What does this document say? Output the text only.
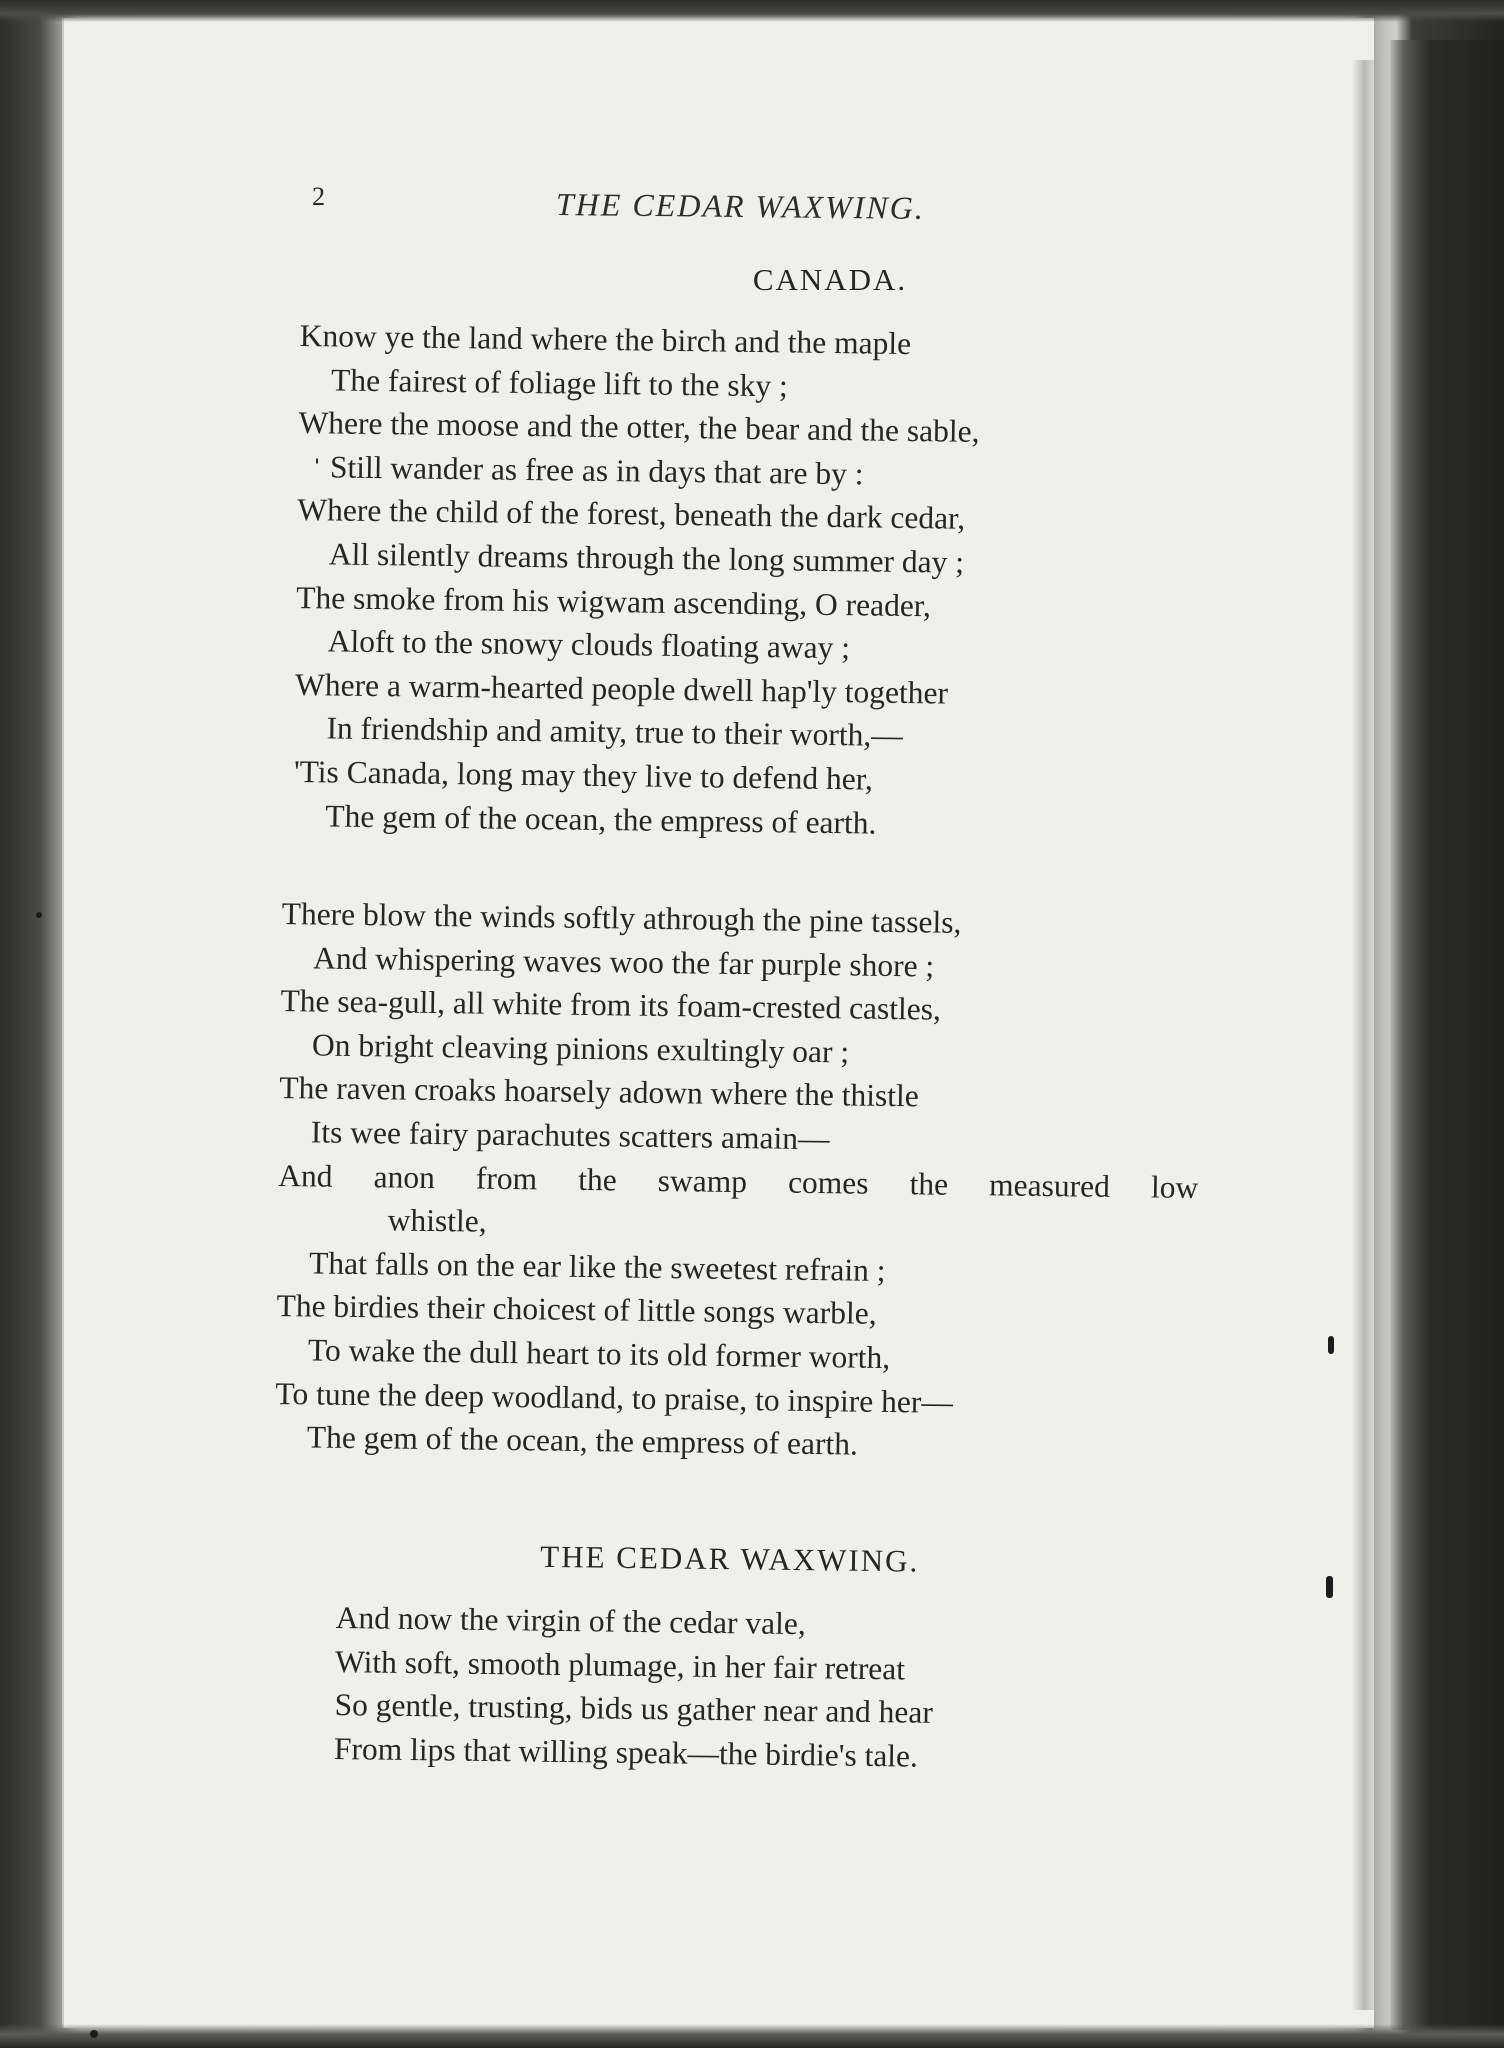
2	THE CEDAR WAXWING.
CANADA.
Know ye the land where the birch and the maple
The fairest of foliage lift to the sky ;
Where the moose and the otter, the bear and the sable,
Still wander as free as in days that are by :
Where the child of the forest, beneath the dark cedar,
All silently dreams through the long summer day ;
The smoke from his wigwam ascending, O reader,
Aloft to the snowy clouds floating away ;
Where a warm-hearted people dwell hap'ly together
In friendship and amity, true to their worth,—
'Tis Canada, long may they live to defend her,
The gem of the ocean, the empress of earth.
There blow the winds softly athrough the pine tassels,
And whispering waves woo the far purple shore ;
The sea-gull, all white from its foam-crested castles,
On bright cleaving pinions exultingly oar ;
The raven croaks hoarsely adown where the thistle
Its wee fairy parachutes scatters amain—
And anon from the swamp comes the measured low
whistle,
That falls on the ear like the sweetest refrain ;
The birdies their choicest of little songs warble,
To wake the dull heart to its old former worth,
To tune the deep woodland, to praise, to inspire her—
The gem of the ocean, the empress of earth.
THE CEDAR WAXWING.
And now the virgin of the cedar vale,
With soft, smooth plumage, in her fair retreat
So gentle, trusting, bids us gather near and hear
From lips that willing speak—the birdie's tale.
